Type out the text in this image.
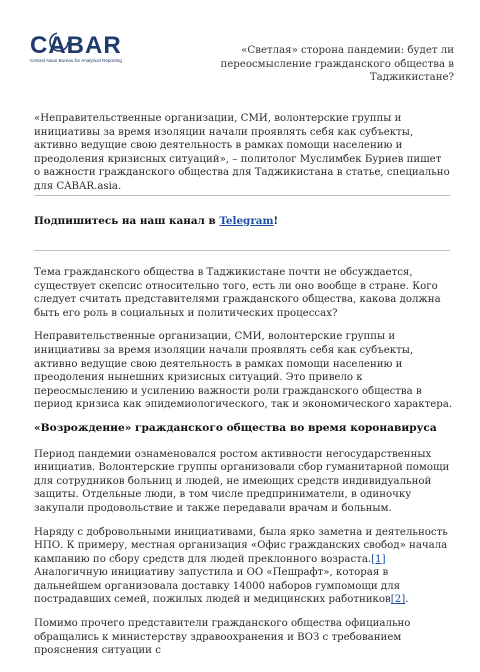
CABAR
Central Asian Bureau for Analytical Reporting
«Светлая» сторона пандемии: будет ли переосмысление гражданского общества в Таджикистане?
«Неправительственные организации, СМИ, волонтерские группы и инициативы за время изоляции начали проявлять себя как субъекты, активно ведущие свою деятельность в рамках помощи населению и преодоления кризисных ситуаций», – политолог Муслимбек Буриев пишет о важности гражданского общества для Таджикистана в статье, специально для CABAR.asia.
Подпишитесь на наш канал в Telegram!

Тема гражданского общества в Таджикистане почти не обсуждается, существует скепсис относительно того, есть ли оно вообще в стране. Кого следует считать представителями гражданского общества, какова должна быть его роль в социальных и политических процессах?

Неправительственные организации, СМИ, волонтерские группы и инициативы за время изоляции начали проявлять себя как субъекты, активно ведущие свою деятельность в рамках помощи населению и преодоления нынешних кризисных ситуаций. Это привело к переосмыслению и усилению важности роли гражданского общества в период кризиса как эпидемиологического, так и экономического характера.

«Возрождение» гражданского общества во время коронавируса

Период пандемии ознаменовался ростом активности негосударственных инициатив. Волонтерские группы организовали сбор гуманитарной помощи для сотрудников больниц и людей, не имеющих средств индивидуальной защиты. Отдельные люди, в том числе предприниматели, в одиночку закупали продовольствие и также передавали врачам и больным.

Наряду с добровольными инициативами, была ярко заметна и деятельность НПО. К примеру, местная организация «Офис гражданских свобод» начала кампанию по сбору средств для людей преклонного возраста.[1] Аналогичную инициативу запустила и ОО «Пешрафт», которая в дальнейшем организовала доставку 14000 наборов гумпомощи для пострадавших семей, пожилых людей и медицинских работников[2].

Помимо прочего представители гражданского общества официально обращались к министерству здравоохранения и ВОЗ с требованием прояснения ситуации с
